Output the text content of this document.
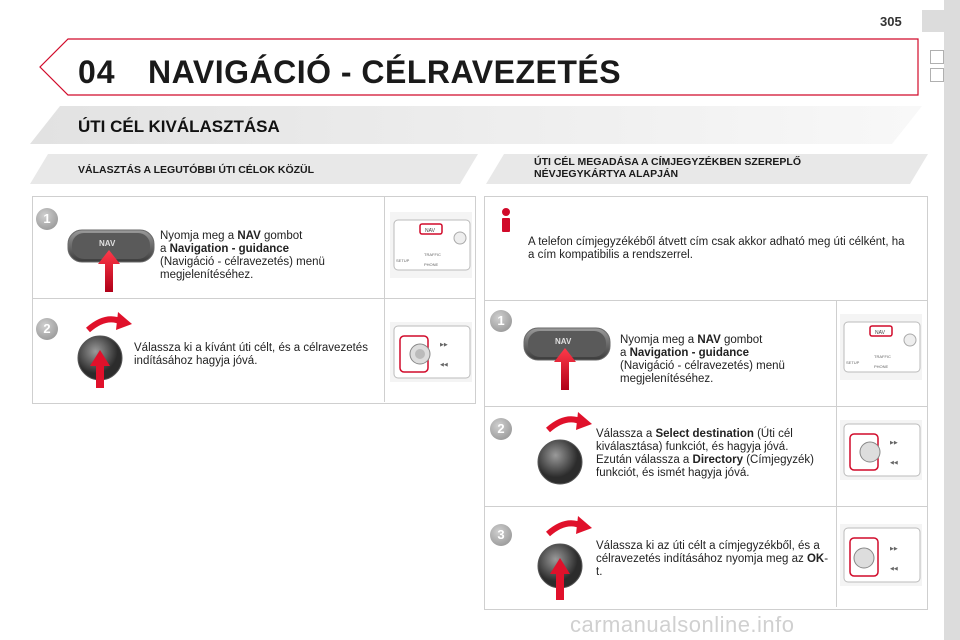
305
04 NAVIGÁCIÓ - CÉLRAVEZETÉS
ÚTI CÉL KIVÁLASZTÁSA
VÁLASZTÁS A LEGUTÓBBI ÚTI CÉLOK KÖZÜL
ÚTI CÉL MEGADÁSA A CÍMJEGYZÉKBEN SZEREPLŐ NÉVJEGYKÁRTYA ALAPJÁN
1
NAV
Nyomja meg a NAV gombot
a Navigation - guidance
(Navigáció - célravezetés) menü megjelenítéséhez.
NAV
TRAFFIC
PHONE
SETUP
2
Válassza ki a kívánt úti célt, és a célravezetés indításához hagyja jóvá.
▶▶
◀◀
A telefon címjegyzékéből átvett cím csak akkor adható meg úti célként, ha a cím kompatibilis a rendszerrel.
1
NAV	Nyomja meg a NAV gombot
a Navigation - guidance
(Navigáció - célravezetés) menü megjelenítéséhez.
NAV
TRAFFIC
PHONE
SETUP
2	Válassza a Select destination (Úti cél kiválasztása) funkciót, és hagyja jóvá.
Ezután válassza a Directory (Címjegyzék) funkciót, és ismét hagyja jóvá.
▶▶
◀◀
3
Válassza ki az úti célt a címjegyzékből, és a célravezetés indításához nyomja meg az OK-t.
▶▶
◀◀
carmanualsonline.info
